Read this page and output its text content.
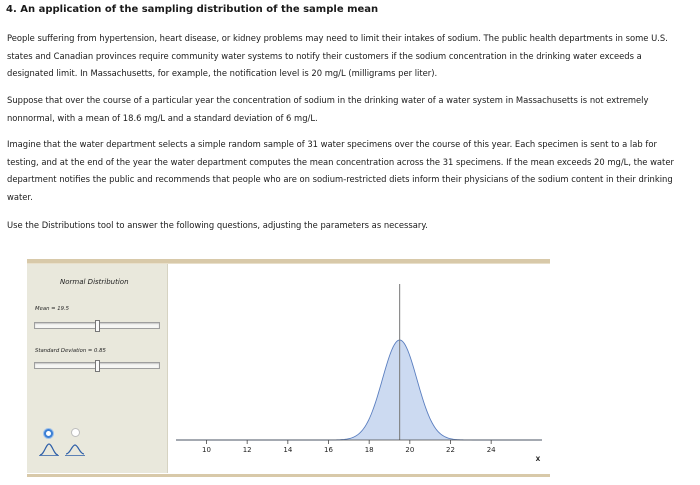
4. An application of the sampling distribution of the sample mean

People suffering from hypertension, heart disease, or kidney problems may need to limit their intakes of sodium. The public health departments in some U.S. states and Canadian provinces require community water systems to notify their customers if the sodium concentration in the drinking water exceeds a designated limit. In Massachusetts, for example, the notification level is 20 mg/L (milligrams per liter).

Suppose that over the course of a particular year the concentration of sodium in the drinking water of a water system in Massachusetts is not extremely nonnormal, with a mean of 18.6 mg/L and a standard deviation of 6 mg/L.

Imagine that the water department selects a simple random sample of 31 water specimens over the course of this year. Each specimen is sent to a lab for testing, and at the end of the year the water department computes the mean concentration across the 31 specimens. If the mean exceeds 20 mg/L, the water department notifies the public and recommends that people who are on sodium-restricted diets inform their physicians of the sodium content in their drinking water.

Use the Distributions tool to answer the following questions, adjusting the parameters as necessary.

Normal Distribution
Mean = 19.5
Standard Deviation = 0.85
10	12	14	16	18	20	22	24
X
